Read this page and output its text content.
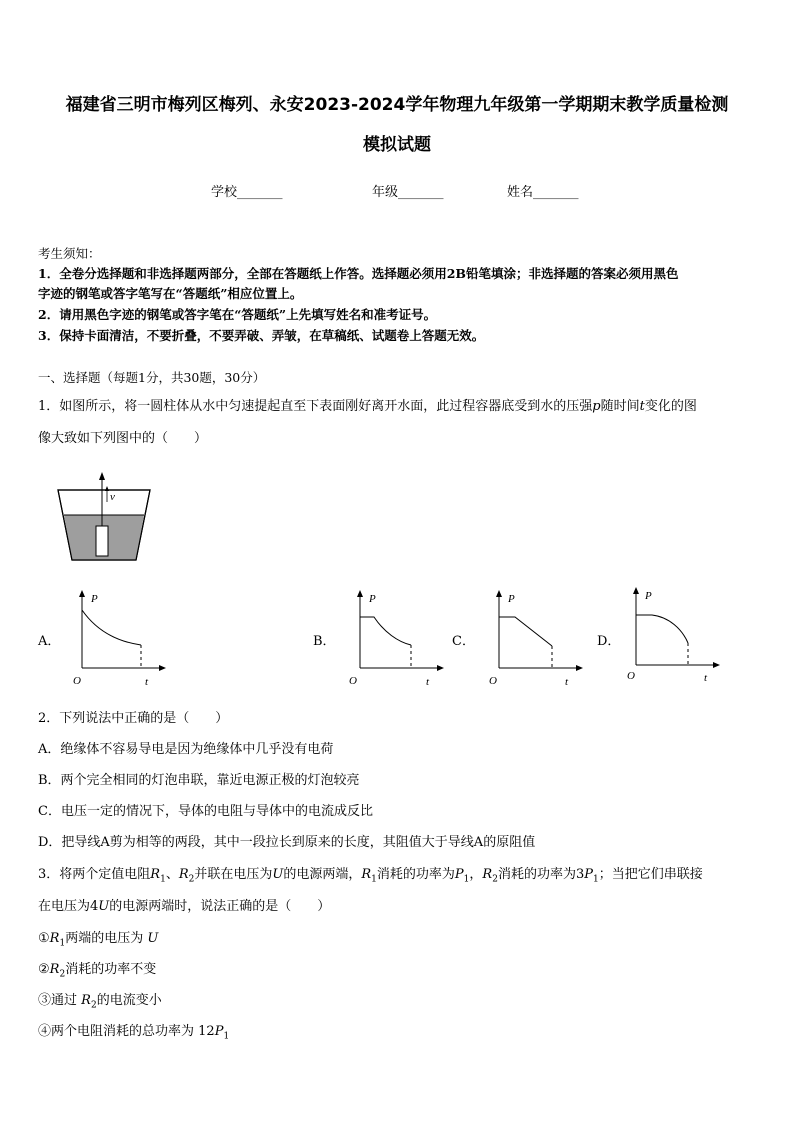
福建省三明市梅列区梅列、永安2023-2024学年物理九年级第一学期期末教学质量检测
模拟试题
学校_______	年级_______	姓名_______
考生须知：
1．全卷分选择题和非选择题两部分，全部在答题纸上作答。选择题必须用2B铅笔填涂；非选择题的答案必须用黑色
字迹的钢笔或答字笔写在“答题纸”相应位置上。
2．请用黑色字迹的钢笔或答字笔在“答题纸”上先填写姓名和准考证号。
3．保持卡面清洁，不要折叠，不要弄破、弄皱，在草稿纸、试题卷上答题无效。
一、选择题（每题1分，共30题，30分）
1．如图所示，将一圆柱体从水中匀速提起直至下表面刚好离开水面，此过程容器底受到水的压强p随时间t变化的图
像大致如下列图中的（　　）
v
A．
P
t
O
B．
P
t
O
C．
P
t
O
D．
P
t
O
2．下列说法中正确的是（　　）
A．绝缘体不容易导电是因为绝缘体中几乎没有电荷
B．两个完全相同的灯泡串联，靠近电源正极的灯泡较亮
C．电压一定的情况下，导体的电阻与导体中的电流成反比
D．把导线A剪为相等的两段，其中一段拉长到原来的长度，其阻值大于导线A的原阻值
3．将两个定值电阻$R_1$、$R_2$并联在电压为U的电源两端，$R_1$消耗的功率为$P_1$，$R_2$消耗的功率为$3P_1$；当把它们串联接
在电压为4U的电源两端时，说法正确的是（　　）
$①R_1$两端的电压为 U
$②R_2$消耗的功率不变
③通过 $R_2$的电流变小
④两个电阻消耗的总功率为 $12P_1$
